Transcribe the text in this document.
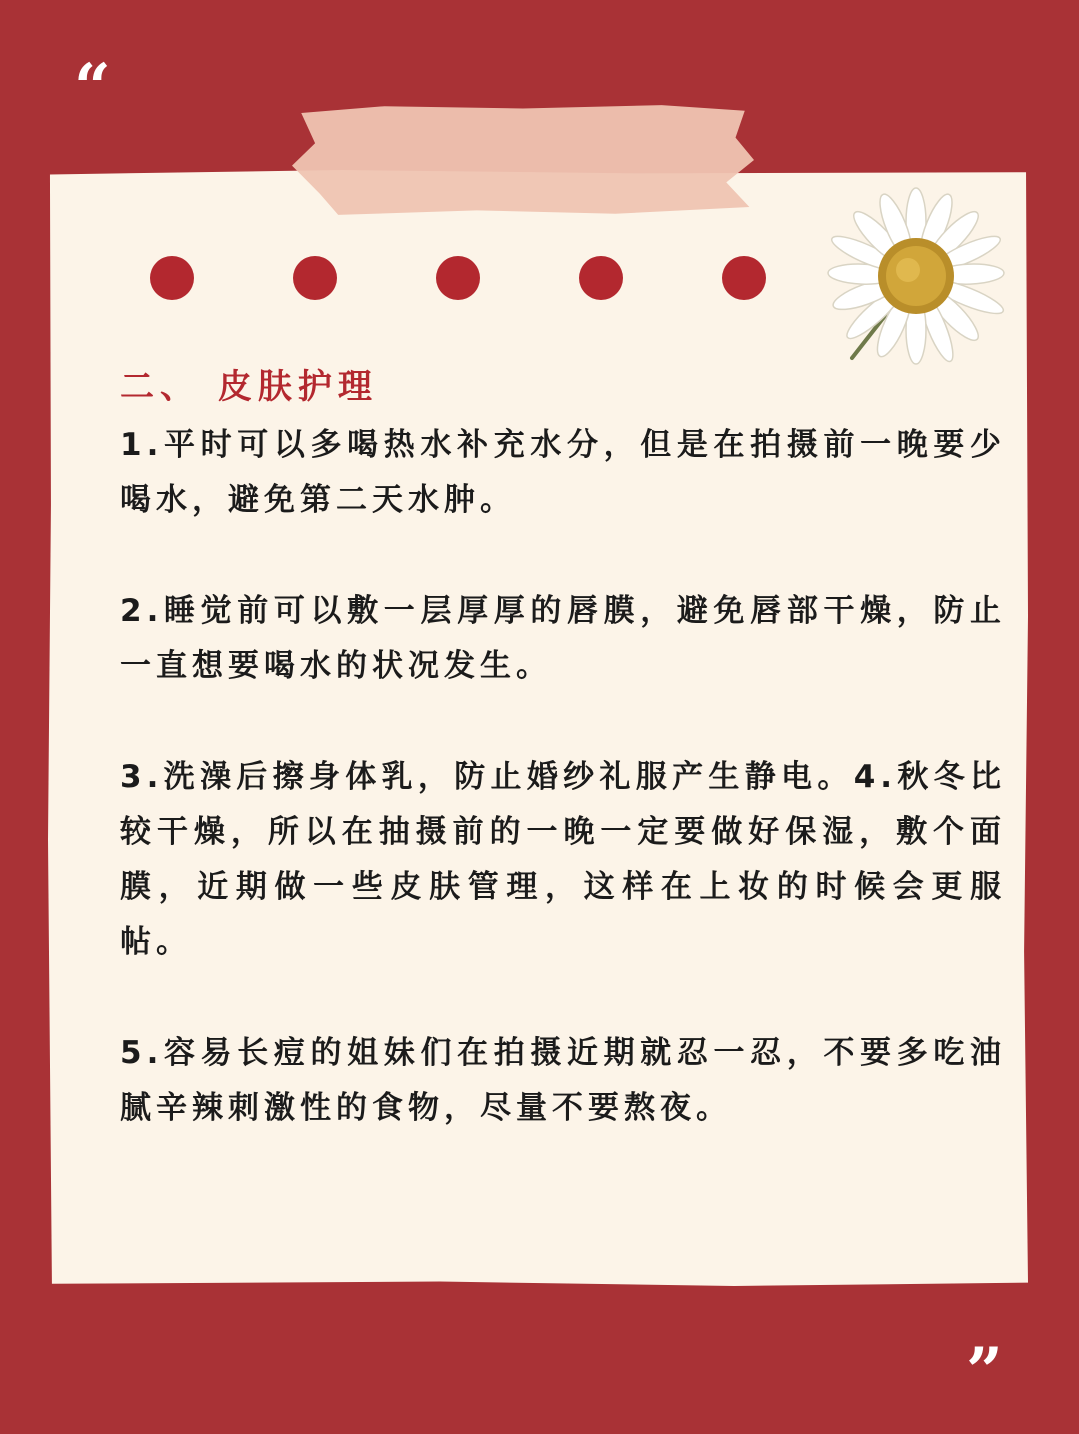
“
二、 皮肤护理

1.平时可以多喝热水补充水分，但是在拍摄前一晚要少喝水，避免第二天水肿。

2.睡觉前可以敷一层厚厚的唇膜，避免唇部干燥，防止一直想要喝水的状况发生。

3.洗澡后擦身体乳，防止婚纱礼服产生静电。4.秋冬比较干燥，所以在抽摄前的一晚一定要做好保湿，敷个面膜，近期做一些皮肤管理，这样在上妆的时候会更服帖。

5.容易长痘的姐妹们在拍摄近期就忍一忍，不要多吃油腻辛辣刺激性的食物，尽量不要熬夜。

”
